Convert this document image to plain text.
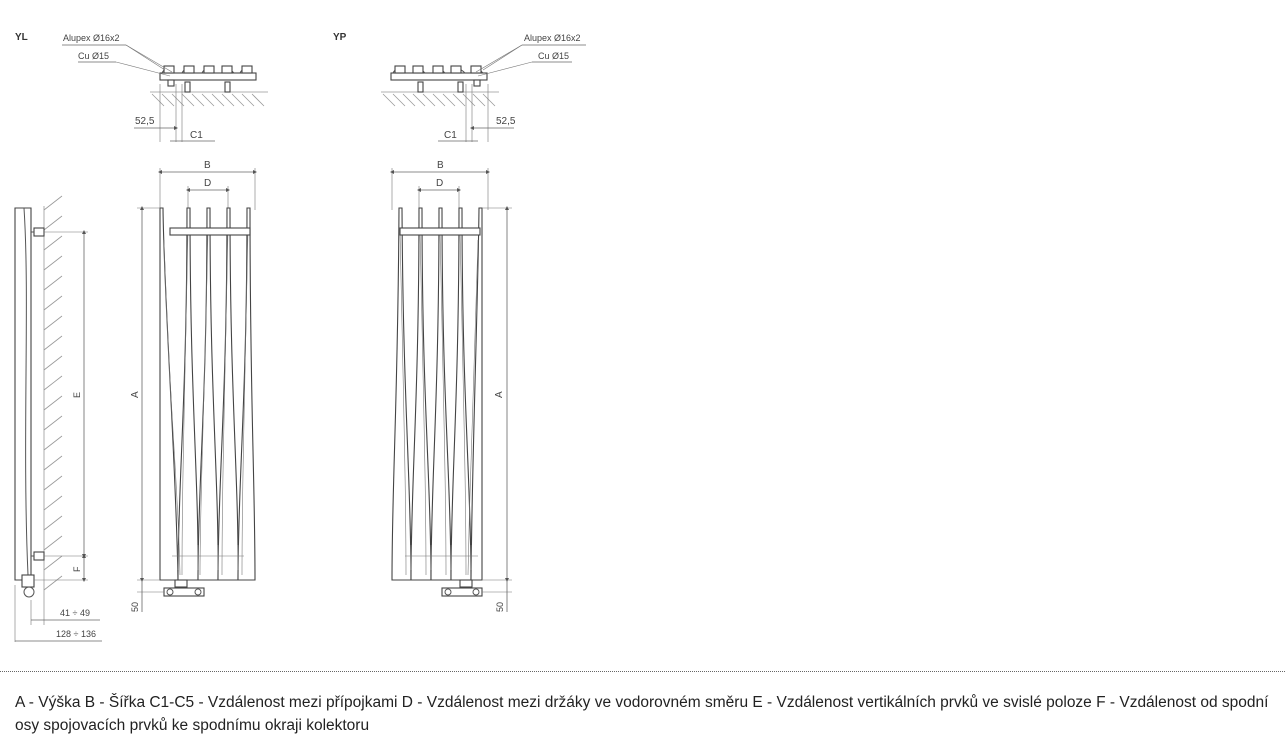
YL	YP
Alupex Ø16x2
Cu Ø15
52,5
C1
Alupex Ø16x2
Cu Ø15
52,5
C1
E
F
41 ÷ 49
128 ÷ 136
B
D
A
50
B
D
A
50
A - Výška B - Šířka C1-C5 - Vzdálenost mezi přípojkami D - Vzdálenost mezi držáky ve vodorovném směru E - Vzdálenost vertikálních prvků ve svislé poloze F - Vzdálenost od spodní osy spojovacích prvků ke spodnímu okraji kolektoru
